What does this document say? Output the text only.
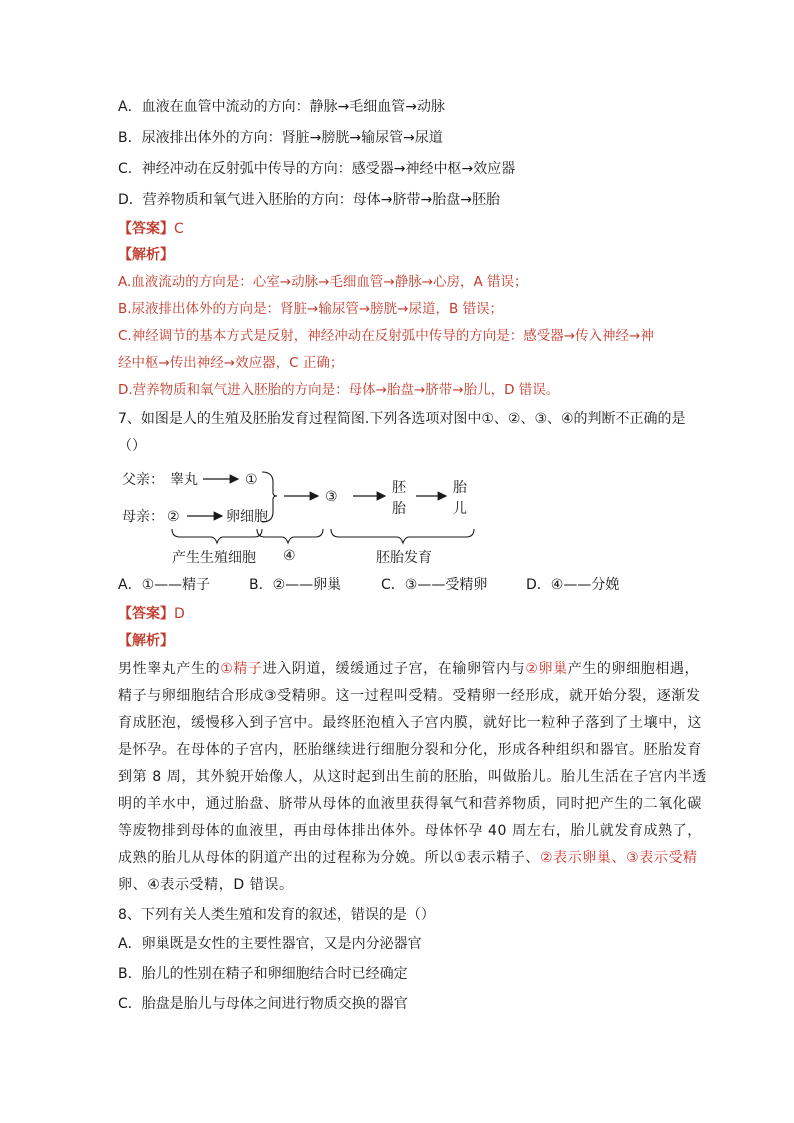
A．血液在血管中流动的方向：静脉→毛细血管→动脉
B．尿液排出体外的方向：肾脏→膀胱→输尿管→尿道
C．神经冲动在反射弧中传导的方向：感受器→神经中枢→效应器
D．营养物质和氧气进入胚胎的方向：母体→脐带→胎盘→胚胎
【答案】C
【解析】
A.血液流动的方向是：心室→动脉→毛细血管→静脉→心房，A 错误；
B.尿液排出体外的方向是：肾脏→输尿管→膀胱→尿道，B 错误；
C.神经调节的基本方式是反射，神经冲动在反射弧中传导的方向是：感受器→传入神经→神
经中枢→传出神经→效应器，C 正确；
D.营养物质和氧气进入胚胎的方向是：母体→胎盘→脐带→胎儿，D 错误。
7、如图是人的生殖及胚胎发育过程简图.下列各选项对图中①、②、③、④的判断不正确的是
（）
父亲： 睾丸	①
母亲： ②	卵细胞
③
胚
胎
胎
儿
产生生殖细胞 ④	胚胎发育
A．①——精子	B．②——卵巢	C．③——受精卵	D．④——分娩
【答案】D
【解析】
男性睾丸产生的①精子进入阴道，缓缓通过子宫，在输卵管内与②卵巢产生的卵细胞相遇，
精子与卵细胞结合形成③受精卵。这一过程叫受精。受精卵一经形成，就开始分裂，逐渐发
育成胚泡，缓慢移入到子宫中。最终胚泡植入子宫内膜，就好比一粒种子落到了土壤中，这
是怀孕。在母体的子宫内，胚胎继续进行细胞分裂和分化，形成各种组织和器官。胚胎发育
到第 8 周，其外貌开始像人，从这时起到出生前的胚胎，叫做胎儿。胎儿生活在子宫内半透
明的羊水中，通过胎盘、脐带从母体的血液里获得氧气和营养物质，同时把产生的二氧化碳
等废物排到母体的血液里，再由母体排出体外。母体怀孕 40 周左右，胎儿就发育成熟了，
成熟的胎儿从母体的阴道产出的过程称为分娩。所以①表示精子、②表示卵巢、③表示受精
卵、④表示受精，D 错误。
8、下列有关人类生殖和发育的叙述，错误的是（）
A．卵巢既是女性的主要性器官，又是内分泌器官
B．胎儿的性别在精子和卵细胞结合时已经确定
C．胎盘是胎儿与母体之间进行物质交换的器官
